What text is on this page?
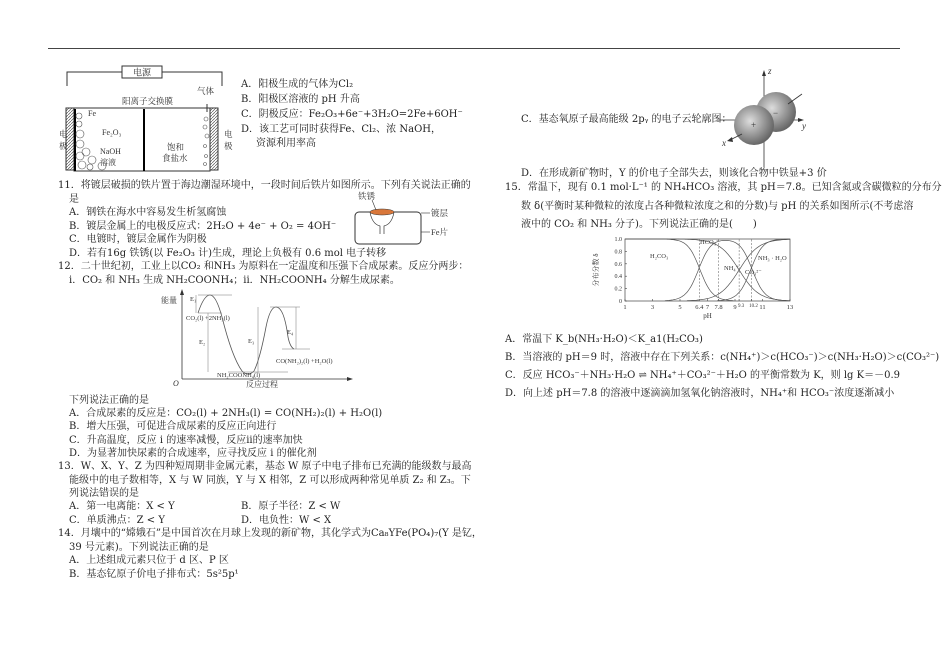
电源
阳离子交换膜
气体
Fe
Fe₂O₃
NaOH
溶液
饱和
食盐水
电
极
电
极
A．阳极生成的气体为Cl₂
B．阳极区溶液的 pH 升高
C．阴极反应：Fe₂O₃+6e⁻+3H₂O=2Fe+6OH⁻
D．该工艺可同时获得Fe、Cl₂、浓 NaOH，
资源利用率高
11．将镀层破损的铁片置于海边潮湿环境中，一段时间后铁片如图所示。下列有关说法正确的
是
A．钢铁在海水中容易发生析氢腐蚀
B．镀层金属上的电极反应式：2H₂O + 4e⁻ + O₂ = 4OH⁻
C．电镀时，镀层金属作为阴极
D．若有16g 铁锈(以 Fe₂O₃ 计)生成，理论上负极有 0.6 mol 电子转移
铁锈
镀层
Fe片
12．二十世纪初，工业上以CO₂ 和NH₃ 为原料在一定温度和压强下合成尿素。反应分两步：
i．CO₂ 和 NH₃ 生成 NH₂COONH₄；ii．NH₂COONH₄ 分解生成尿素。
能量
反应过程
O
E₁
E₂	E₃
E₄
CO₂(l) +2NH₃(l)
NH₂COONH₄(l)
CO(NH₂)₂(l) +H₂O(l)
下列说法正确的是
A．合成尿素的反应是：CO₂(l) + 2NH₃(l) = CO(NH₂)₂(l) + H₂O(l)
B．增大压强，可促进合成尿素的反应正向进行
C．升高温度，反应 i 的速率减慢，反应ii的速率加快
D．为显著加快尿素的合成速率，应寻找反应 i 的催化剂
13．W、X、Y、Z 为四种短周期非金属元素，基态 W 原子中电子排布已充满的能级数与最高
能级中的电子数相等，X 与 W 同族，Y 与 X 相邻，Z 可以形成两种常见单质 Z₂ 和 Z₃。下
列说法错误的是
A．第一电离能：X < Y	B．原子半径：Z < W
C．单质沸点：Z < Y	D．电负性：W < X
14．月壤中的“嫦娥石”是中国首次在月球上发现的新矿物，其化学式为Ca₈YFe(PO₄)₇(Y 是钇，
39 号元素)。下列说法正确的是
A．上述组成元素只位于 d 区、P 区
B．基态钇原子价电子排布式：5s²5p¹
C．基态氧原子最高能级 2pᵧ 的电子云轮廓图：
z
y
x
+
−
D．在形成新矿物时，Y 的价电子全部失去，则该化合物中铁显+3 价
15．常温下，现有 0.1 mol·L⁻¹ 的 NH₄HCO₃ 溶液，其 pH＝7.8。已知含氮或含碳微粒的分布分
数 δ(平衡时某种微粒的浓度占各种微粒浓度之和的分数)与 pH 的关系如图所示(不考虑溶
液中的 CO₂ 和 NH₃ 分子)。下列说法正确的是(　　)
1	3	5 6.4 7 7.8 9 9.3 10.2 11	13
0
0.2
0.4
0.6
0.8
1.0
pH
分布分数 δ	H₂CO₃
HCO₃⁻
CO₃²⁻
NH₄⁺
NH₃ · H₂O
A．常温下 K_b(NH₃·H₂O)＜K_a1(H₂CO₃)
B．当溶液的 pH＝9 时，溶液中存在下列关系：c(NH₄⁺)＞c(HCO₃⁻)＞c(NH₃·H₂O)＞c(CO₃²⁻)
C．反应 HCO₃⁻＋NH₃·H₂O ⇌ NH₄⁺＋CO₃²⁻＋H₂O 的平衡常数为 K，则 lg K＝－0.9
D．向上述 pH＝7.8 的溶液中逐滴滴加氢氧化钠溶液时，NH₄⁺和 HCO₃⁻浓度逐渐减小
